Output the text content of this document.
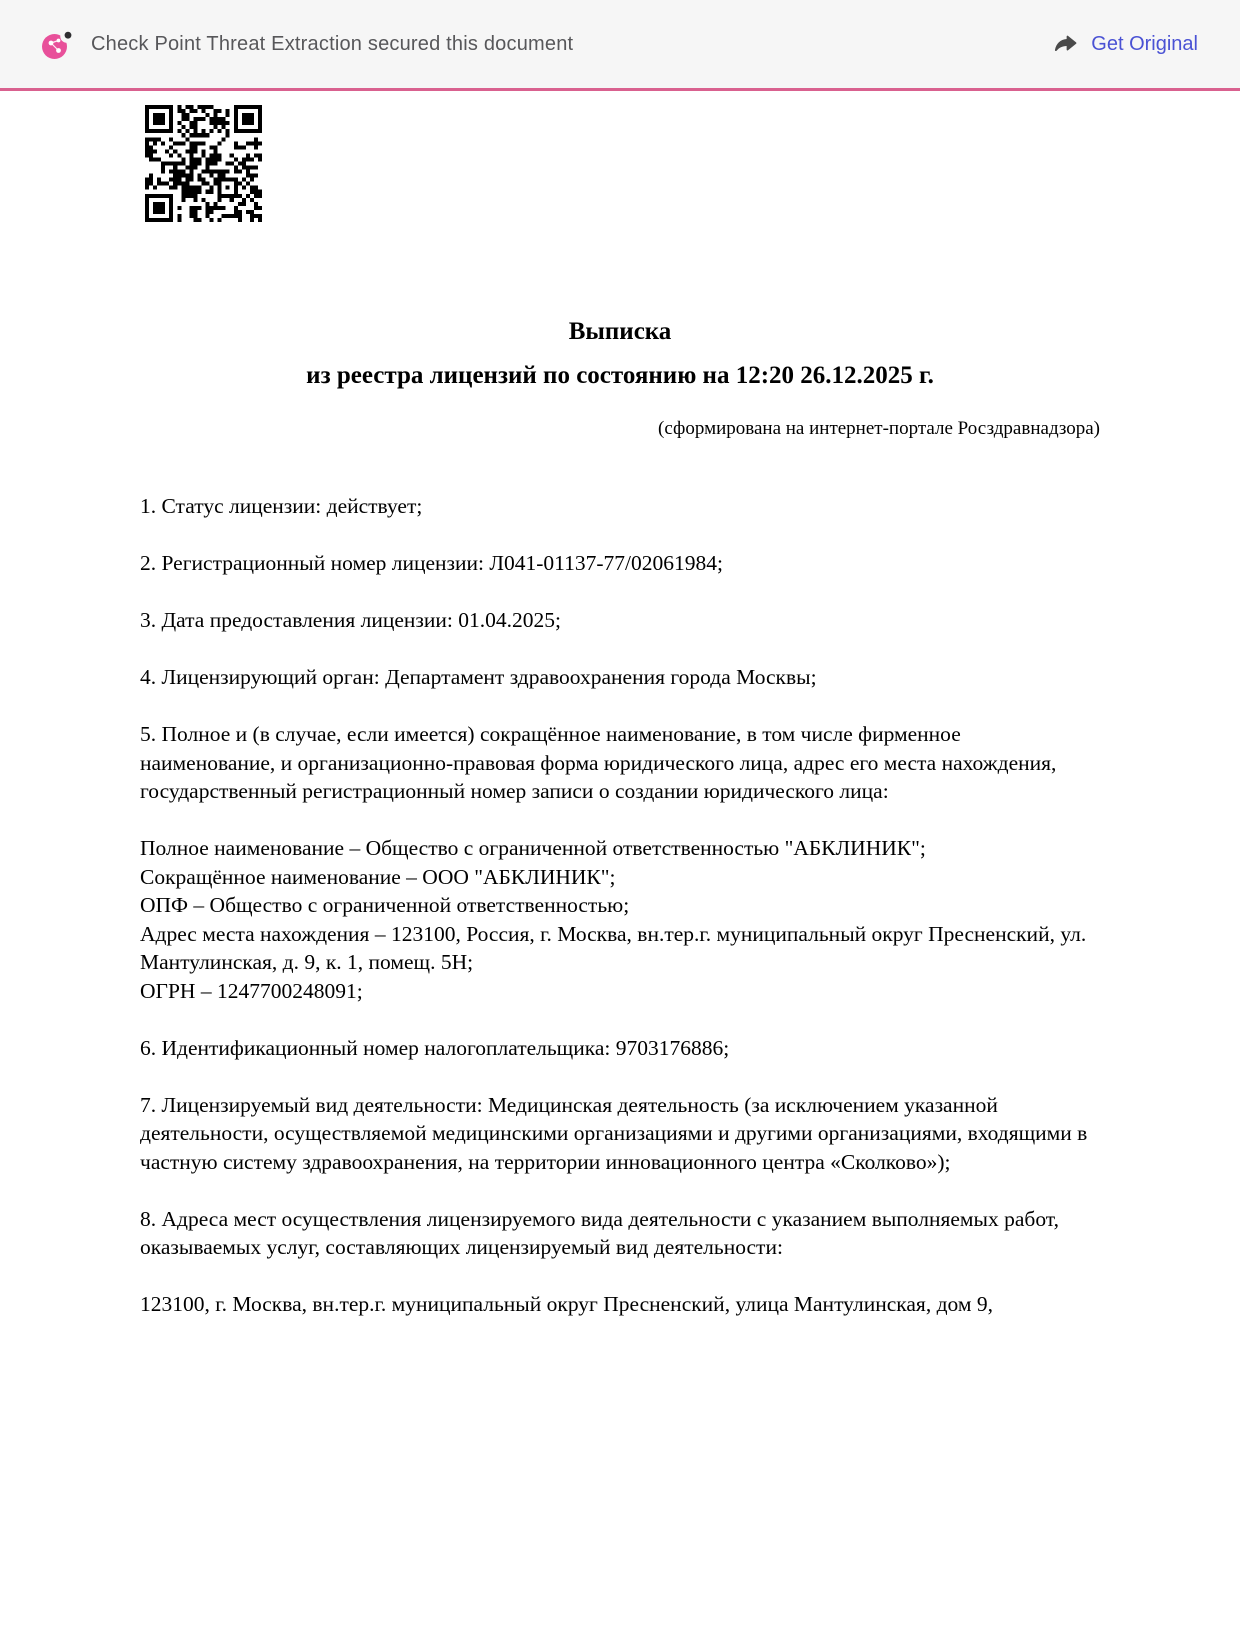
Check Point Threat Extraction secured this document	Get Original
Выписка
из реестра лицензий по состоянию на 12:20 26.12.2025 г.
(сформирована на интернет-портале Росздравнадзора)

1. Статус лицензии: действует;

2. Регистрационный номер лицензии: Л041-01137-77/02061984;

3. Дата предоставления лицензии: 01.04.2025;

4. Лицензирующий орган: Департамент здравоохранения города Москвы;

5. Полное и (в случае, если имеется) сокращённое наименование, в том числе фирменное наименование, и организационно-правовая форма юридического лица, адрес его места нахождения, государственный регистрационный номер записи о создании юридического лица:

Полное наименование – Общество с ограниченной ответственностью "АБКЛИНИК";
Сокращённое наименование – ООО "АБКЛИНИК";
ОПФ – Общество с ограниченной ответственностью;
Адрес места нахождения – 123100, Россия, г. Москва, вн.тер.г. муниципальный округ Пресненский, ул. Мантулинская, д. 9, к. 1, помещ. 5Н;
ОГРН – 1247700248091;

6. Идентификационный номер налогоплательщика: 9703176886;

7. Лицензируемый вид деятельности: Медицинская деятельность (за исключением указанной деятельности, осуществляемой медицинскими организациями и другими организациями, входящими в частную систему здравоохранения, на территории инновационного центра «Сколково»);

8. Адреса мест осуществления лицензируемого вида деятельности с указанием выполняемых работ, оказываемых услуг, составляющих лицензируемый вид деятельности:

123100, г. Москва, вн.тер.г. муниципальный округ Пресненский, улица Мантулинская, дом 9,
